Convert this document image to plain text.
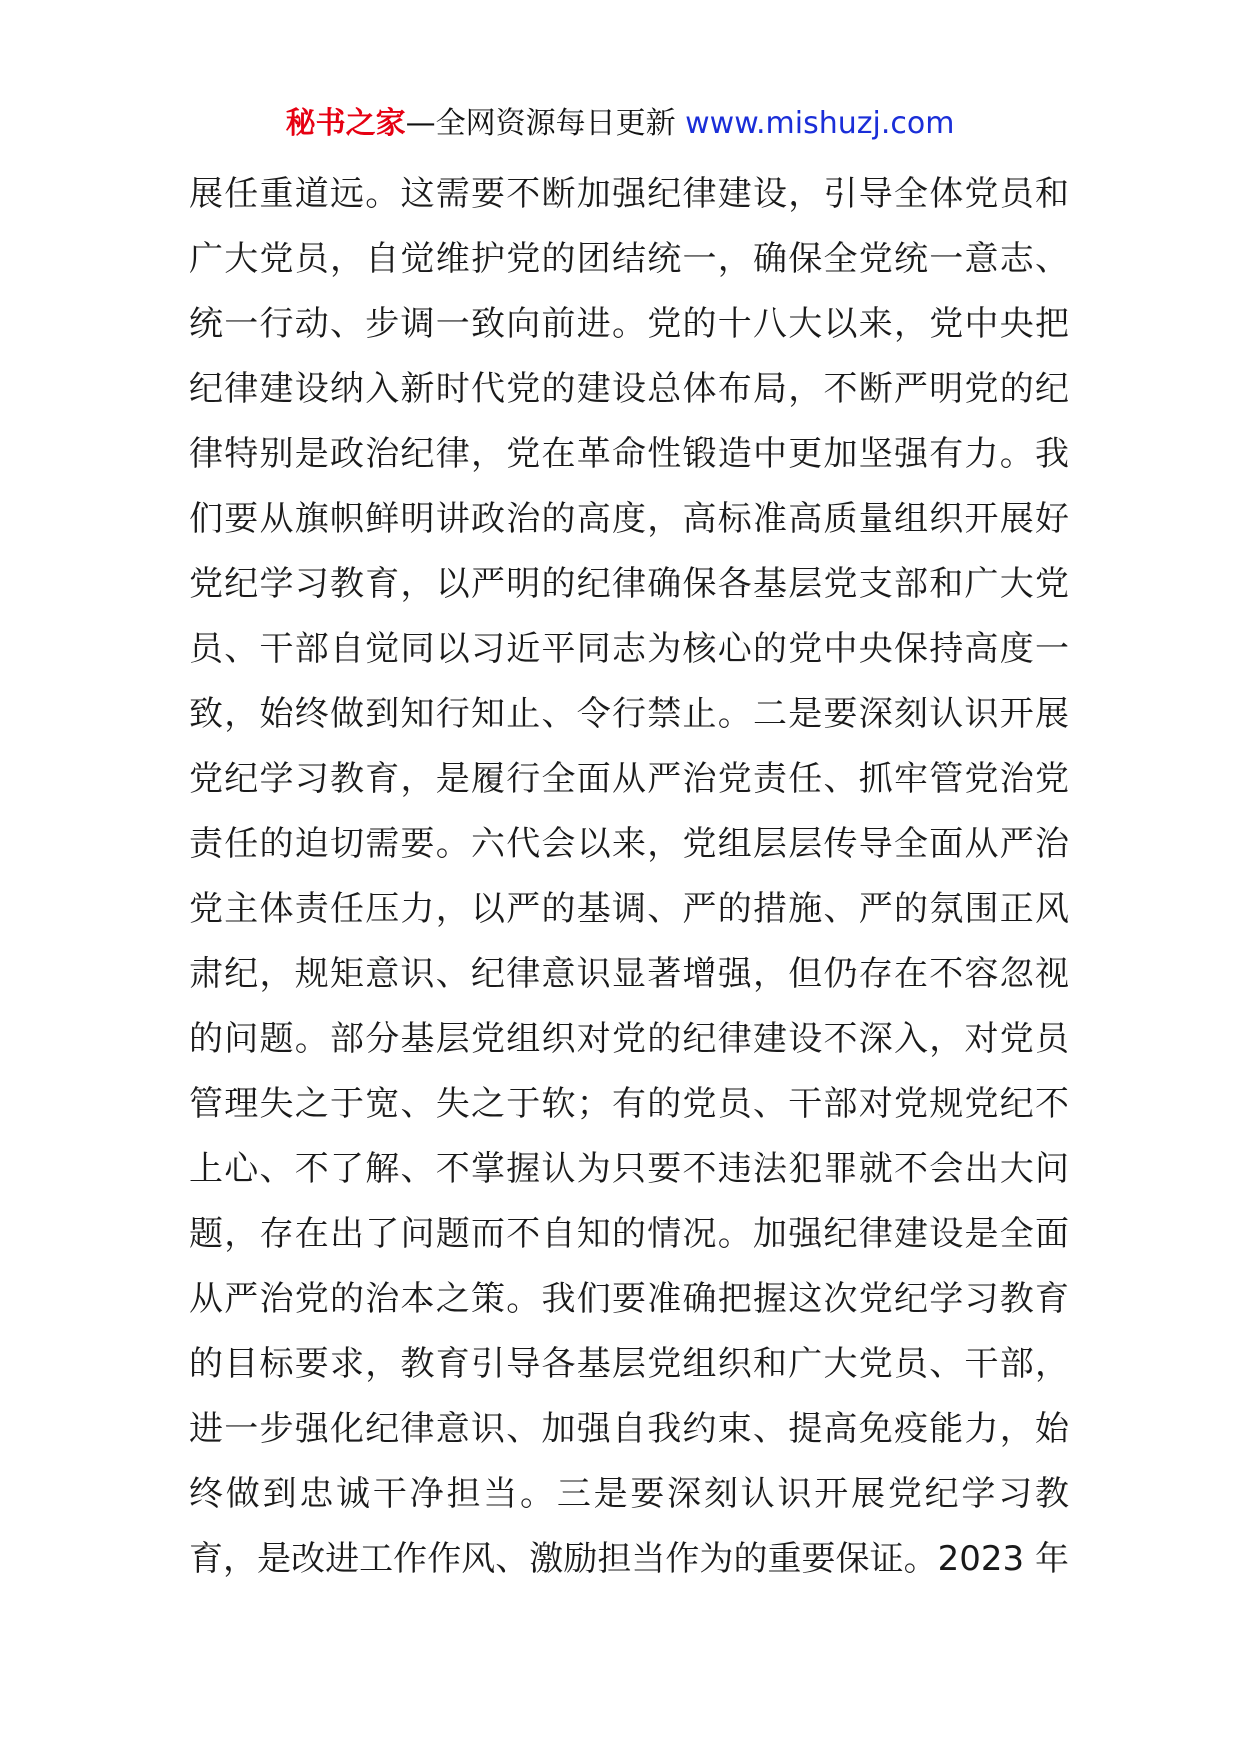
秘书之家—全网资源每日更新 www.mishuzj.com
展任重道远。这需要不断加强纪律建设，引导全体党员和
广大党员，自觉维护党的团结统一，确保全党统一意志、
统一行动、步调一致向前进。党的十八大以来，党中央把
纪律建设纳入新时代党的建设总体布局，不断严明党的纪
律特别是政治纪律，党在革命性锻造中更加坚强有力。我
们要从旗帜鲜明讲政治的高度，高标准高质量组织开展好
党纪学习教育，以严明的纪律确保各基层党支部和广大党
员、干部自觉同以习近平同志为核心的党中央保持高度一
致，始终做到知行知止、令行禁止。二是要深刻认识开展
党纪学习教育，是履行全面从严治党责任、抓牢管党治党
责任的迫切需要。六代会以来，党组层层传导全面从严治
党主体责任压力，以严的基调、严的措施、严的氛围正风
肃纪，规矩意识、纪律意识显著增强，但仍存在不容忽视
的问题。部分基层党组织对党的纪律建设不深入，对党员
管理失之于宽、失之于软；有的党员、干部对党规党纪不
上心、不了解、不掌握认为只要不违法犯罪就不会出大问
题，存在出了问题而不自知的情况。加强纪律建设是全面
从严治党的治本之策。我们要准确把握这次党纪学习教育
的目标要求，教育引导各基层党组织和广大党员、干部，
进一步强化纪律意识、加强自我约束、提高免疫能力，始
终做到忠诚干净担当。三是要深刻认识开展党纪学习教
育，是改进工作作风、激励担当作为的重要保证。2023 年
